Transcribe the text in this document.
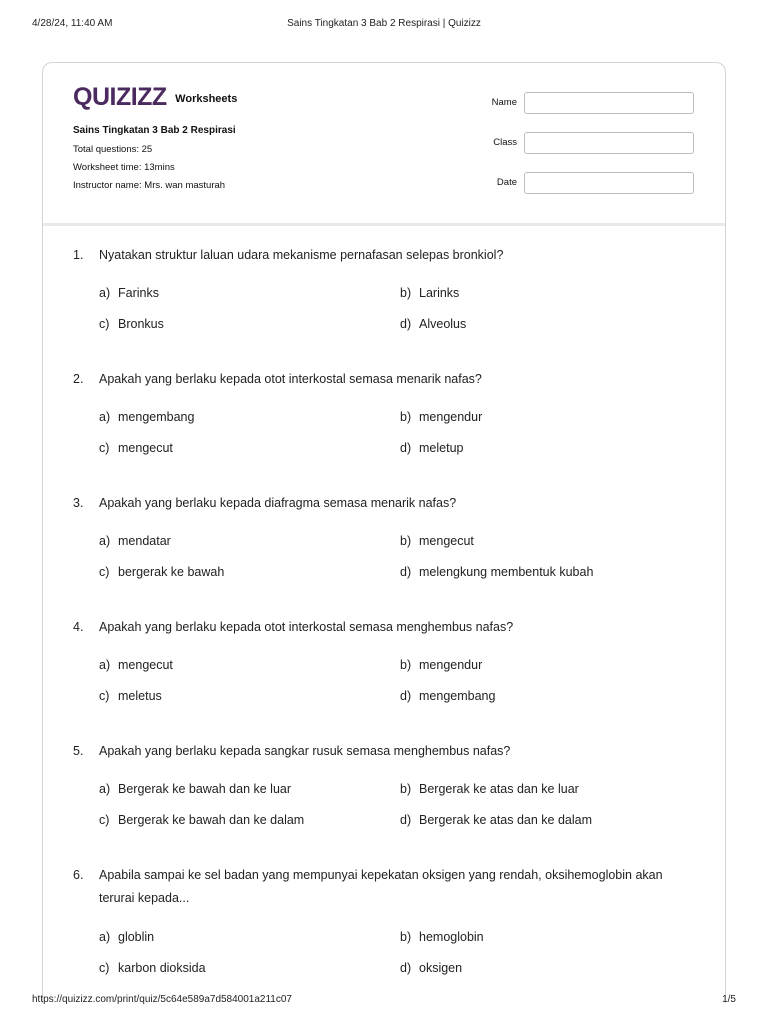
4/28/24, 11:40 AM	Sains Tingkatan 3 Bab 2 Respirasi | Quizizz
QUIZIZZ Worksheets
Sains Tingkatan 3 Bab 2 Respirasi
Total questions: 25
Worksheet time: 13mins
Instructor name: Mrs. wan masturah
Name
Class
Date
1. Nyatakan struktur laluan udara mekanisme pernafasan selepas bronkiol?
a) Farinks	b) Larinks
c) Bronkus	d) Alveolus
2. Apakah yang berlaku kepada otot interkostal semasa menarik nafas?
a) mengembang	b) mengendur
c) mengecut	d) meletup
3. Apakah yang berlaku kepada diafragma semasa menarik nafas?
a) mendatar	b) mengecut
c) bergerak ke bawah	d) melengkung membentuk kubah
4. Apakah yang berlaku kepada otot interkostal semasa menghembus nafas?
a) mengecut	b) mengendur
c) meletus	d) mengembang
5. Apakah yang berlaku kepada sangkar rusuk semasa menghembus nafas?
a) Bergerak ke bawah dan ke luar	b) Bergerak ke atas dan ke luar
c) Bergerak ke bawah dan ke dalam	d) Bergerak ke atas dan ke dalam
6. Apabila sampai ke sel badan yang mempunyai kepekatan oksigen yang rendah, oksihemoglobin akan
terurai kepada...
a) globlin	b) hemoglobin
c) karbon dioksida	d) oksigen
https://quizizz.com/print/quiz/5c64e589a7d584001a211c07	1/5
